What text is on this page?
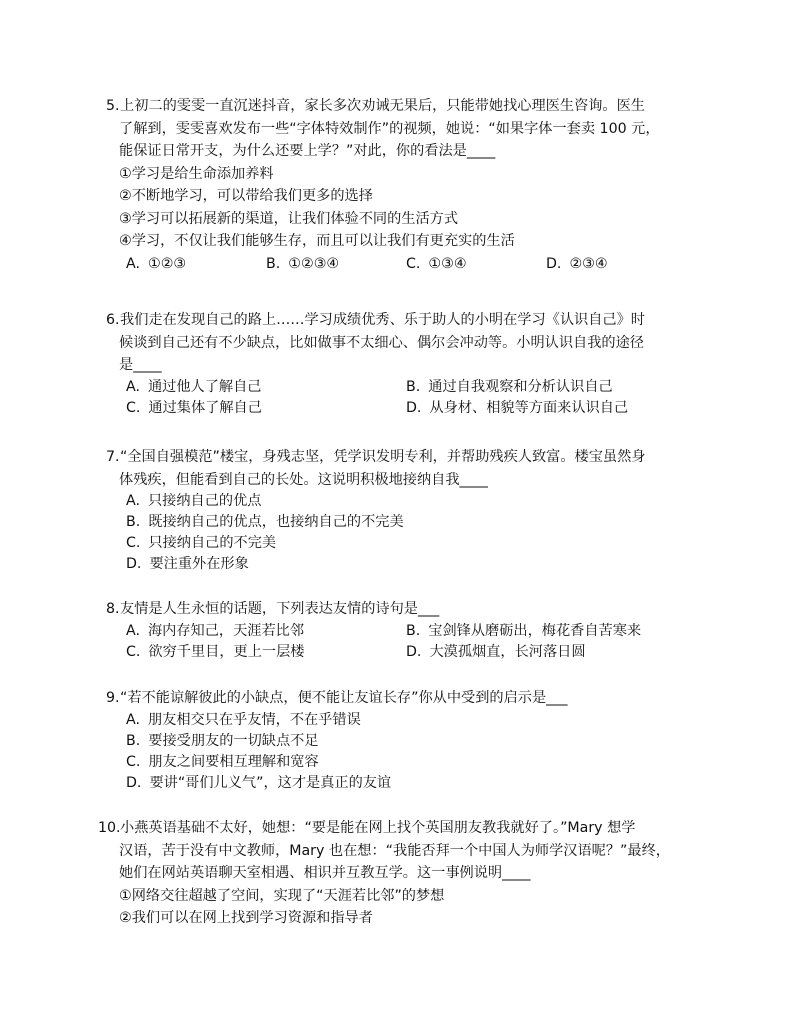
5.上初二的雯雯一直沉迷抖音，家长多次劝诫无果后，只能带她找心理医生咨询。医生
了解到，雯雯喜欢发布一些“字体特效制作”的视频，她说：“如果字体一套卖 100 元，
能保证日常开支，为什么还要上学？”对此，你的看法是____
①学习是给生命添加养料
②不断地学习，可以带给我们更多的选择
③学习可以拓展新的渠道，让我们体验不同的生活方式
④学习，不仅让我们能够生存，而且可以让我们有更充实的生活
A. ①②③	B. ①②③④	C. ①③④	D. ②③④
6.我们走在发现自己的路上……学习成绩优秀、乐于助人的小明在学习《认识自己》时
候谈到自己还有不少缺点，比如做事不太细心、偶尔会冲动等。小明认识自我的途径
是____
A. 通过他人了解自己	B. 通过自我观察和分析认识自己
C. 通过集体了解自己	D. 从身材、相貌等方面来认识自己
7.“全国自强模范”楼宝，身残志坚，凭学识发明专利，并帮助残疾人致富。楼宝虽然身
体残疾，但能看到自己的长处。这说明积极地接纳自我____
A. 只接纳自己的优点
B. 既接纳自己的优点，也接纳自己的不完美
C. 只接纳自己的不完美
D. 要注重外在形象
8.友情是人生永恒的话题，下列表达友情的诗句是___
A. 海内存知己，天涯若比邻	B. 宝剑锋从磨砺出，梅花香自苦寒来
C. 欲穷千里目，更上一层楼	D. 大漠孤烟直，长河落日圆
9.“若不能谅解彼此的小缺点，便不能让友谊长存”你从中受到的启示是___
A. 朋友相交只在乎友情，不在乎错误
B. 要接受朋友的一切缺点不足
C. 朋友之间要相互理解和宽容
D. 要讲“哥们儿义气”，这才是真正的友谊
10.小燕英语基础不太好，她想：“要是能在网上找个英国朋友教我就好了。”Mary 想学
汉语，苦于没有中文教师，Mary 也在想：“我能否拜一个中国人为师学汉语呢？”最终，
她们在网站英语聊天室相遇、相识并互教互学。这一事例说明____
①网络交往超越了空间，实现了“天涯若比邻”的梦想
②我们可以在网上找到学习资源和指导者
